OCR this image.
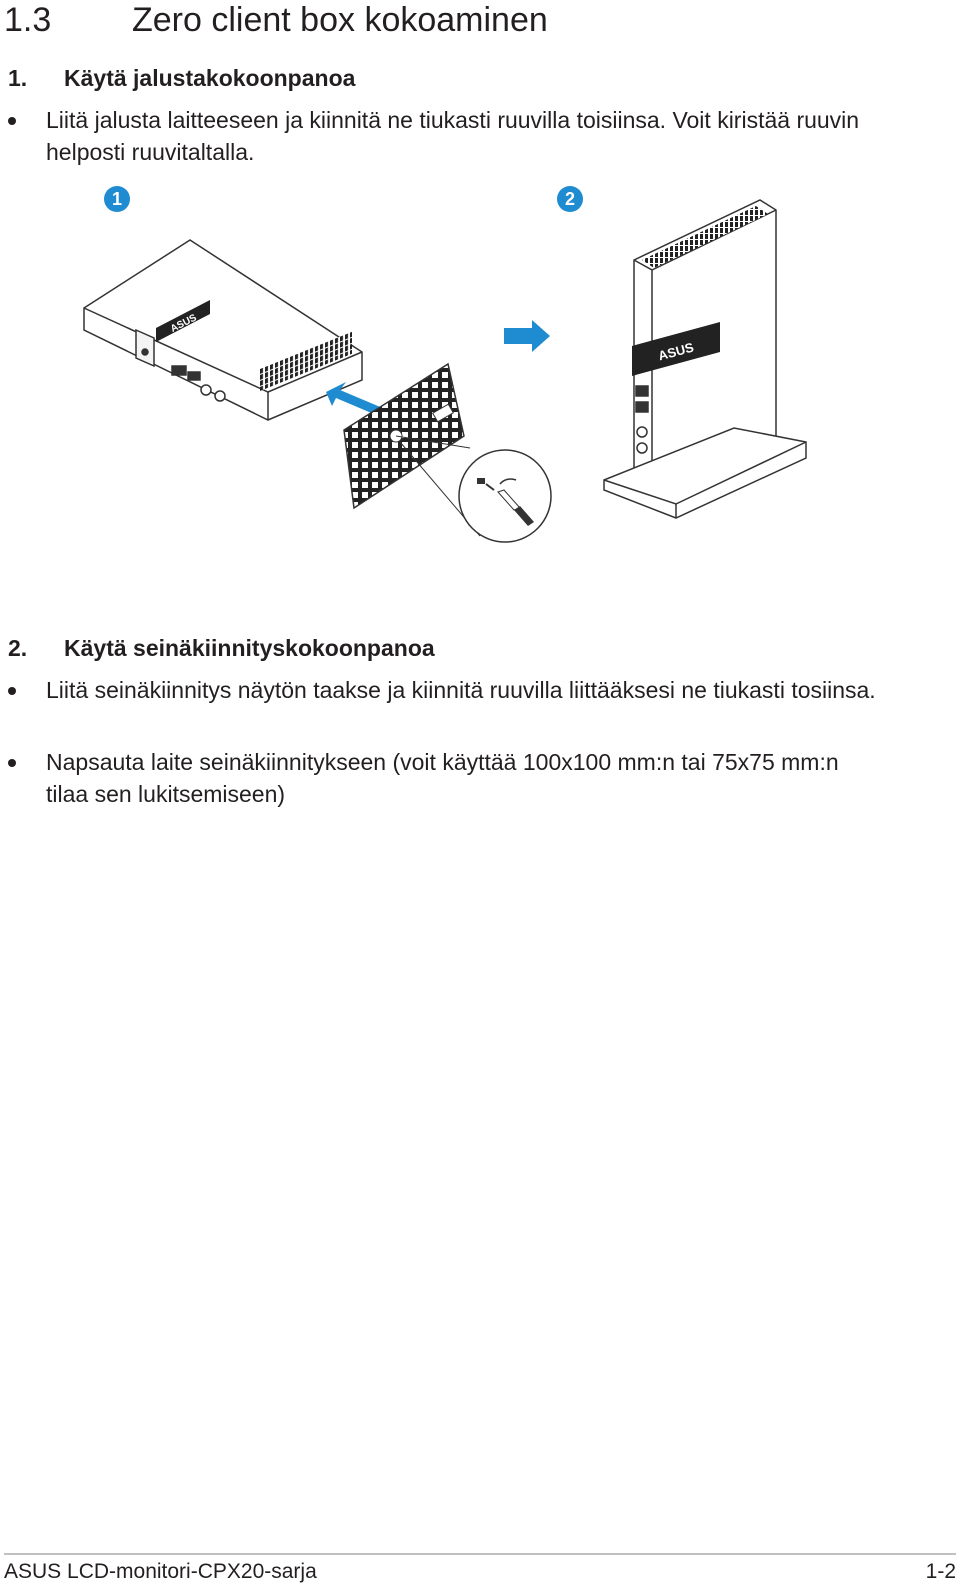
1.3 Zero client box kokoaminen
1. Käytä jalustakokoonpanoa
Liitä jalusta laitteeseen ja kiinnitä ne tiukasti ruuvilla toisiinsa. Voit kiristää ruuvin helposti ruuvitaltalla.
1	2
ASUS
ASUS
2. Käytä seinäkiinnityskokoonpanoa
Liitä seinäkiinnitys näytön taakse ja kiinnitä ruuvilla liittääksesi ne tiukasti tosiinsa.
Napsauta laite seinäkiinnitykseen (voit käyttää 100x100 mm:n tai 75x75 mm:n tilaa sen lukitsemiseen)
ASUS LCD-monitori-CPX20-sarja	1-2
